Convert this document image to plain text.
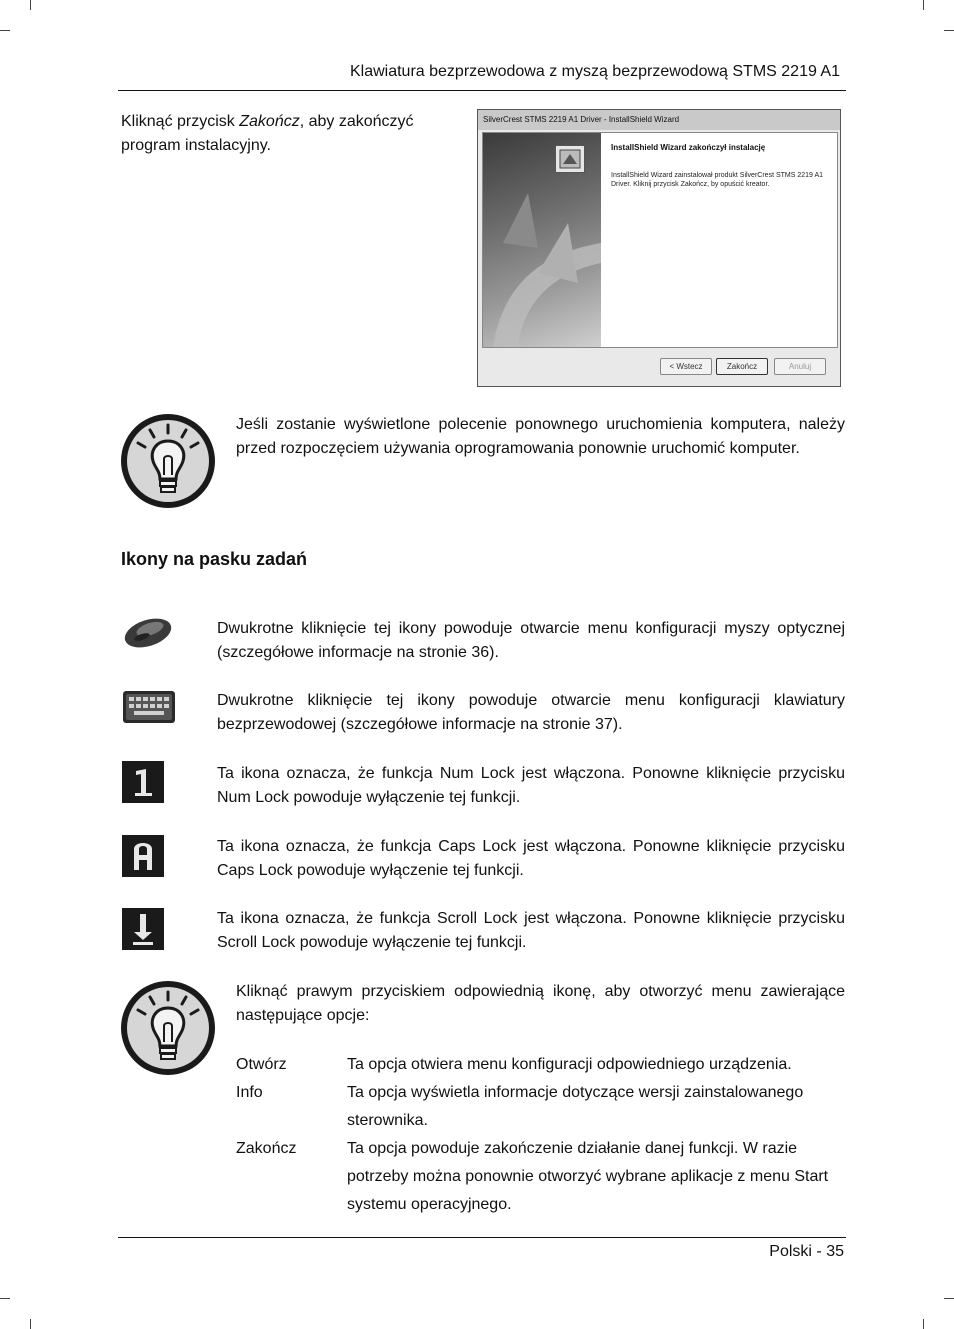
Klawiatura bezprzewodowa z myszą bezprzewodową STMS 2219 A1
Kliknąć przycisk Zakończ, aby zakończyć program instalacyjny.
SilverCrest STMS 2219 A1 Driver - InstallShield Wizard
InstallShield Wizard zakończył instalację
InstallShield Wizard zainstalował produkt SilverCrest STMS 2219 A1 Driver. Kliknij przycisk Zakończ, by opuścić kreator.
< Wstecz	Zakończ	Anuluj
Jeśli zostanie wyświetlone polecenie ponownego uruchomienia komputera, należy przed rozpoczęciem używania oprogramowania ponownie uruchomić komputer.
Ikony na pasku zadań
Dwukrotne kliknięcie tej ikony powoduje otwarcie menu konfiguracji myszy optycznej (szczegółowe informacje na stronie 36).
Dwukrotne kliknięcie tej ikony powoduje otwarcie menu konfiguracji klawiatury bezprzewodowej (szczegółowe informacje na stronie 37).
Ta ikona oznacza, że funkcja Num Lock jest włączona. Ponowne kliknięcie przycisku Num Lock powoduje wyłączenie tej funkcji.
Ta ikona oznacza, że funkcja Caps Lock jest włączona. Ponowne kliknięcie przycisku Caps Lock powoduje wyłączenie tej funkcji.
Ta ikona oznacza, że funkcja Scroll Lock jest włączona. Ponowne kliknięcie przycisku Scroll Lock powoduje wyłączenie tej funkcji.
Kliknąć prawym przyciskiem odpowiednią ikonę, aby otworzyć menu zawierające następujące opcje:
Otwórz	Ta opcja otwiera menu konfiguracji odpowiedniego urządzenia.
Info	Ta opcja wyświetla informacje dotyczące wersji zainstalowanego sterownika.
Zakończ	Ta opcja powoduje zakończenie działanie danej funkcji. W razie potrzeby można ponownie otworzyć wybrane aplikacje z menu Start systemu operacyjnego.
Polski - 35
